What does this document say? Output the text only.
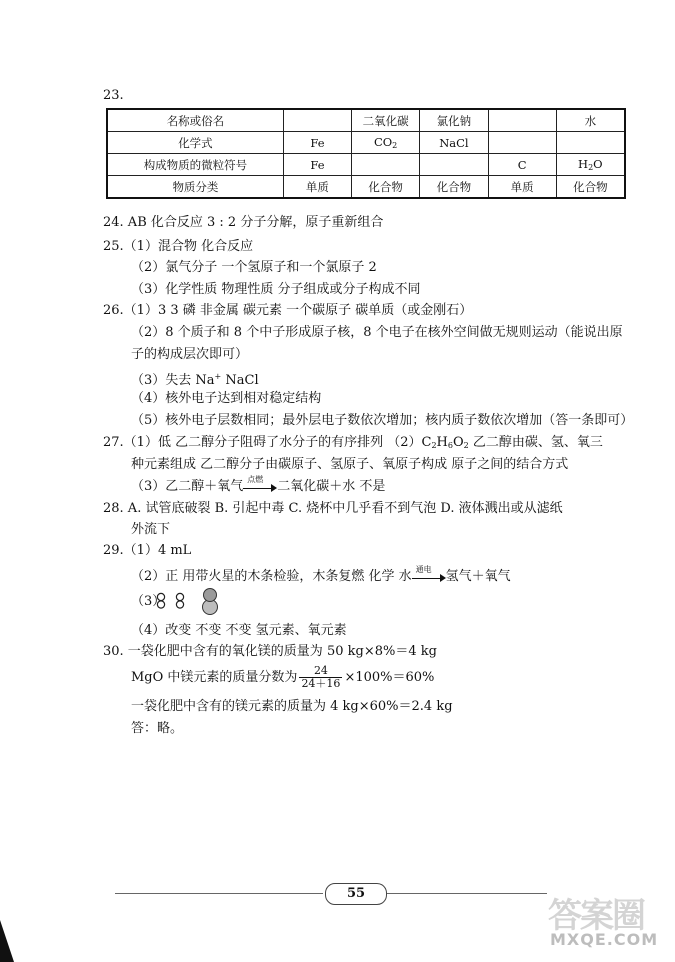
23.
名称或俗名		二氧化碳	氯化钠		水
化学式	Fe	$CO_2$	NaCl		
构成物质的微粒符号	Fe			C	$H_2O$
物质分类	单质	化合物	化合物	单质	化合物
24. AB 化合反应 3 : 2 分子分解，原子重新组合
25.（1）混合物 化合反应
（2）氯气分子 一个氢原子和一个氯原子 2
（3）化学性质 物理性质 分子组成或分子构成不同
26.（1）3 3 磷 非金属 碳元素 一个碳原子 碳单质（或金刚石）
（2）8 个质子和 8 个中子形成原子核，8 个电子在核外空间做无规则运动（能说出原
子的构成层次即可）
（3）失去 Na+ NaCl
（4）核外电子达到相对稳定结构
（5）核外电子层数相同；最外层电子数依次增加；核内质子数依次增加（答一条即可）
27.（1）低 乙二醇分子阻碍了水分子的有序排列 $(2)C_2H_6O_2$ 乙二醇由碳、氢、氧三
种元素组成 乙二醇分子由碳原子、氢原子、氧原子构成 原子之间的结合方式
（3）乙二醇＋氧气 点燃 二氧化碳＋水 不是
28. A. 试管底破裂 B. 引起中毒 C. 烧杯中几乎看不到气泡 D. 液体溅出或从滤纸
外流下
29.（1）4 mL
（2）正 用带火星的木条检验，木条复燃 化学 水 通电 氢气＋氧气
（3）
（4）改变 不变 不变 氢元素、氧元素
30. 一袋化肥中含有的氧化镁的质量为 50 kg×8%＝4 kg
MgO 中镁元素的质量分数为 $\frac{24}{24+16} \times 100\%=60\%$
一袋化肥中含有的镁元素的质量为 4 kg×60%＝2.4 kg
答：略。
55
答案圈
MXQE.COM
